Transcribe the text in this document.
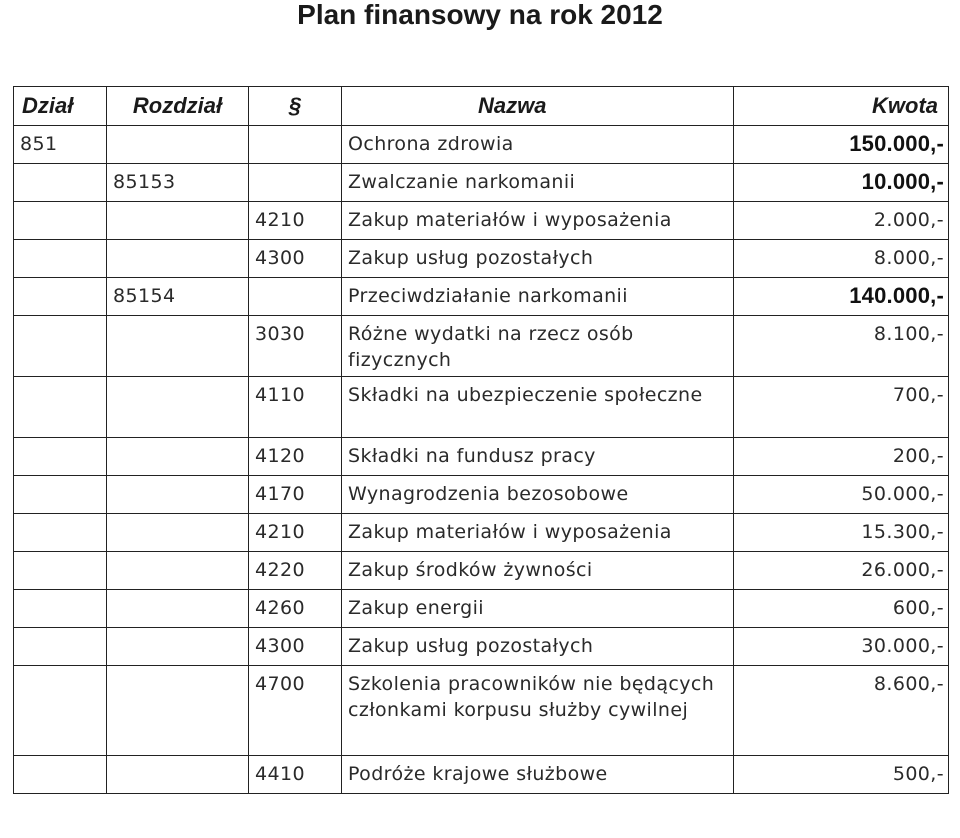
Plan finansowy na rok 2012
Dział	Rozdział	§	Nazwa	Kwota
851			Ochrona zdrowia	150.000,-
	85153		Zwalczanie narkomanii	10.000,-
		4210	Zakup materiałów i wyposażenia	2.000,-
		4300	Zakup usług pozostałych	8.000,-
	85154		Przeciwdziałanie narkomanii	140.000,-
		3030	Różne wydatki na rzecz osób fizycznych	8.100,-
		4110	Składki na ubezpieczenie społeczne	700,-
		4120	Składki na fundusz pracy	200,-
		4170	Wynagrodzenia bezosobowe	50.000,-
		4210	Zakup materiałów i wyposażenia	15.300,-
		4220	Zakup środków żywności	26.000,-
		4260	Zakup energii	600,-
		4300	Zakup usług pozostałych	30.000,-
		4700	Szkolenia pracowników nie będących członkami korpusu służby cywilnej	8.600,-
		4410	Podróże krajowe służbowe	500,-
